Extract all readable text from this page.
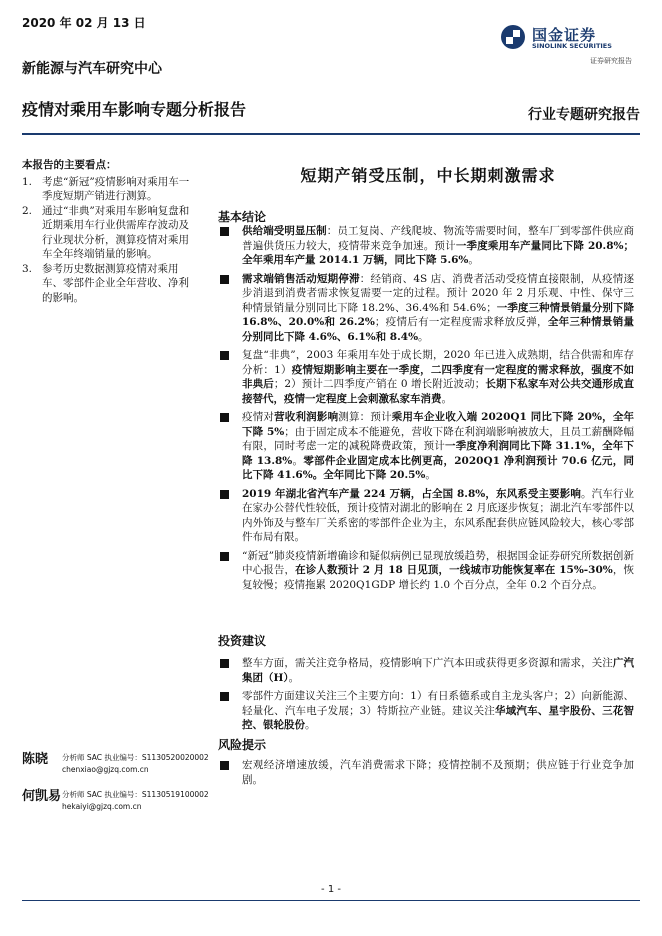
2020 年 02 月 13 日
新能源与汽车研究中心
国金证券
SINOLINK SECURITIES
证券研究报告
疫情对乘用车影响专题分析报告	行业专题研究报告
本报告的主要看点：
1. 考虑“新冠”疫情影响对乘用车一季度短期产销进行测算。
2. 通过“非典”对乘用车影响复盘和近期乘用车行业供需库存波动及行业现状分析，测算疫情对乘用车全年终端销量的影响。
3. 参考历史数据测算疫情对乘用车、零部件企业全年营收、净利的影响。
陈晓 分析师 SAC 执业编号：S1130520020002
chenxiao@gjzq.com.cn
何凯易 分析师 SAC 执业编号：S1130519100002
hekaiyi@gjzq.com.cn
短期产销受压制，中长期刺激需求
基本结论
供给端受明显压制：员工复岗、产线爬坡、物流等需要时间，整车厂到零部件供应商普遍供货压力较大，疫情带来竞争加速。预计一季度乘用车产量同比下降 20.8%；全年乘用车产量 2014.1 万辆，同比下降 5.6%。
需求端销售活动短期停滞：经销商、4S 店、消费者活动受疫情直接限制，从疫情逐步消退到消费者需求恢复需要一定的过程。预计 2020 年 2 月乐观、中性、保守三种情景销量分别同比下降 18.2%、36.4%和 54.6%；一季度三种情景销量分别下降 16.8%、20.0%和 26.2%；疫情后有一定程度需求释放反弹，全年三种情景销量分别同比下降 4.6%、6.1%和 8.4%。
复盘“非典”，2003 年乘用车处于成长期，2020 年已进入成熟期，结合供需和库存分析：1）疫情短期影响主要在一季度，二四季度有一定程度的需求释放，强度不如非典后；2）预计二四季度产销在 0 增长附近波动；长期下私家车对公共交通形成直接替代，疫情一定程度上会刺激私家车消费。
疫情对营收利润影响测算：预计乘用车企业收入端 2020Q1 同比下降 20%，全年下降 5%；由于固定成本不能避免，营收下降在利润端影响被放大，且员工薪酬降幅有限，同时考虑一定的减税降费政策，预计一季度净利润同比下降 31.1%，全年下降 13.8%。零部件企业固定成本比例更高，2020Q1 净利润预计 70.6 亿元，同比下降 41.6%。全年同比下降 20.5%。
2019 年湖北省汽车产量 224 万辆，占全国 8.8%，东风系受主要影响。汽车行业在家办公替代性较低，预计疫情对湖北的影响在 2 月底逐步恢复；湖北汽车零部件以内外饰及与整车厂关系密的零部件企业为主，东风系配套供应链风险较大，核心零部件布局有限。
“新冠”肺炎疫情新增确诊和疑似病例已显现放缓趋势，根据国金证券研究所数据创新中心报告，在诊人数预计 2 月 18 日见顶，一线城市功能恢复率在 15%-30%，恢复较慢；疫情拖累 2020Q1GDP 增长约 1.0 个百分点，全年 0.2 个百分点。
投资建议
整车方面，需关注竞争格局，疫情影响下广汽本田或获得更多资源和需求，关注广汽集团（H）。
零部件方面建议关注三个主要方向：1）有日系德系或自主龙头客户；2）向新能源、轻量化、汽车电子发展；3）特斯拉产业链。建议关注华域汽车、星宇股份、三花智控、银轮股份。
风险提示
宏观经济增速放缓，汽车消费需求下降；疫情控制不及预期；供应链于行业竞争加剧。
- 1 -
